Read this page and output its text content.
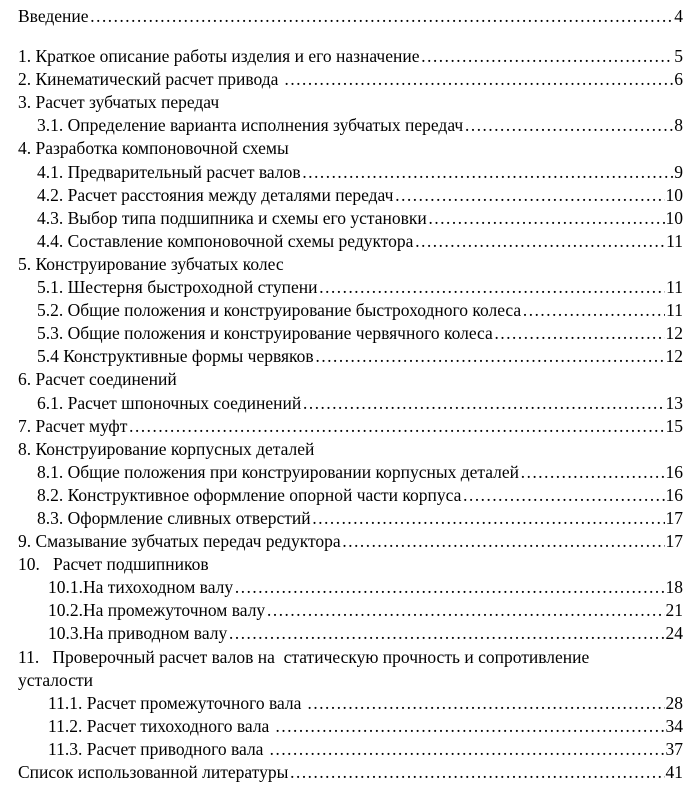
Введение …………………………………………………………………………………………………………………………………………………………………………	4
1. Краткое описание работы изделия и его назначение …………………………………………………………………………………………………………………………………………………………………………	5
2. Кинематический расчет привода …………………………………………………………………………………………………………………………………………………………………………	6
3. Расчет зубчатых передач
3.1. Определение варианта исполнения зубчатых передач …………………………………………………………………………………………………………………………………………………………………………	8
4. Разработка компоновочной схемы
4.1. Предварительный расчет валов …………………………………………………………………………………………………………………………………………………………………………	9
4.2. Расчет расстояния между деталями передач …………………………………………………………………………………………………………………………………………………………………………	10
4.3. Выбор типа подшипника и схемы его установки …………………………………………………………………………………………………………………………………………………………………………	10
4.4. Составление компоновочной схемы редуктора …………………………………………………………………………………………………………………………………………………………………………	11
5. Конструирование зубчатых колес
5.1. Шестерня быстроходной ступени …………………………………………………………………………………………………………………………………………………………………………	11
5.2. Общие положения и конструирование быстроходного колеса …………………………………………………………………………………………………………………………………………………………………………	11
5.3. Общие положения и конструирование червячного колеса …………………………………………………………………………………………………………………………………………………………………………	12
5.4 Конструктивные формы червяков …………………………………………………………………………………………………………………………………………………………………………	12
6. Расчет соединений
6.1. Расчет шпоночных соединений …………………………………………………………………………………………………………………………………………………………………………	13
7. Расчет муфт …………………………………………………………………………………………………………………………………………………………………………	15
8. Конструирование корпусных деталей
8.1. Общие положения при конструировании корпусных деталей …………………………………………………………………………………………………………………………………………………………………………	16
8.2. Конструктивное оформление опорной части корпуса …………………………………………………………………………………………………………………………………………………………………………	16
8.3. Оформление сливных отверстий …………………………………………………………………………………………………………………………………………………………………………	17
9. Смазывание зубчатых передач редуктора …………………………………………………………………………………………………………………………………………………………………………	17
10.   Расчет подшипников
10.1.На тихоходном валу …………………………………………………………………………………………………………………………………………………………………………	18
10.2.На промежуточном валу …………………………………………………………………………………………………………………………………………………………………………	21
10.3.На приводном валу …………………………………………………………………………………………………………………………………………………………………………	24
11.   Проверочный расчет валов на  статическую прочность и сопротивление
усталости
11.1. Расчет промежуточного вала …………………………………………………………………………………………………………………………………………………………………………	28
11.2. Расчет тихоходного вала …………………………………………………………………………………………………………………………………………………………………………	34
11.3. Расчет приводного вала …………………………………………………………………………………………………………………………………………………………………………	37
Список использованной литературы …………………………………………………………………………………………………………………………………………………………………………	41
